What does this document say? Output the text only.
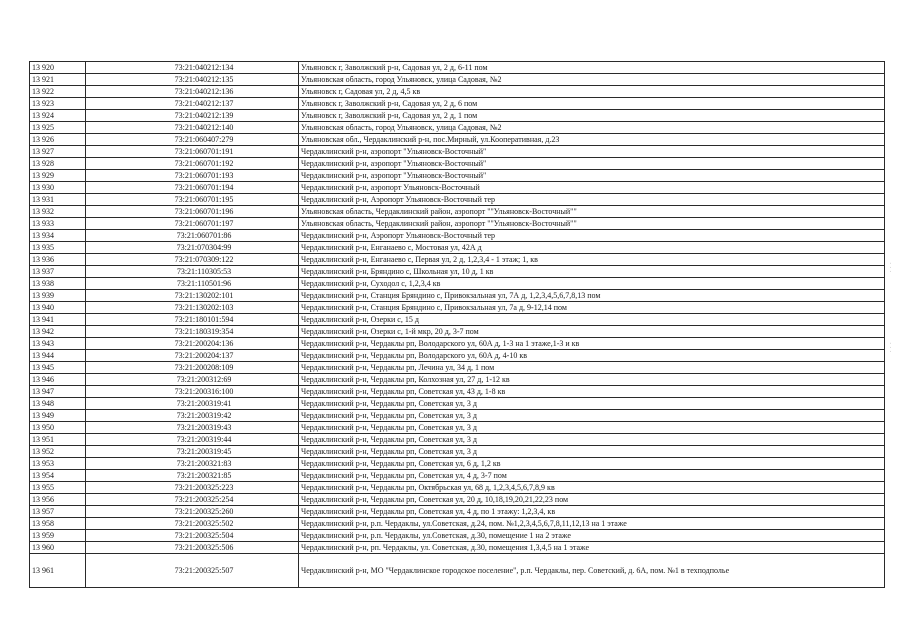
13 920	73:21:040212:134	Ульяновск г, Заволжский р-н, Садовая ул, 2 д, 6-11 пом
13 921	73:21:040212:135	Ульяновская область, город Ульяновск, улица Садовая, №2
13 922	73:21:040212:136	Ульяновск г, Садовая ул, 2 д, 4,5 кв
13 923	73:21:040212:137	Ульяновск г, Заволжский р-н, Садовая ул, 2 д, 6 пом
13 924	73:21:040212:139	Ульяновск г, Заволжский р-н, Садовая ул, 2 д, 1 пом
13 925	73:21:040212:140	Ульяновская область, город Ульяновск, улица Садовая, №2
13 926	73:21:060407:279	Ульяновская обл., Чердаклинский р-н, пос.Мирный, ул.Кооперативная, д.23
13 927	73:21:060701:191	Чердаклинский р-н, аэропорт "Ульяновск-Восточный"
13 928	73:21:060701:192	Чердаклинский р-н, аэропорт "Ульяновск-Восточный"
13 929	73:21:060701:193	Чердаклинский р-н, аэропорт "Ульяновск-Восточный"
13 930	73:21:060701:194	Чердаклинский р-н, аэропорт Ульяновск-Восточный
13 931	73:21:060701:195	Чердаклинский р-н, Аэропорт Ульяновск-Восточный тер
13 932	73:21:060701:196	Ульяновская область, Чердаклинский район, аэропорт ""Ульяновск-Восточный""
13 933	73:21:060701:197	Ульяновская область, Чердаклинский район, аэропорт ""Ульяновск-Восточный""
13 934	73:21:060701:86	Чердаклинский р-н, Аэропорт Ульяновск-Восточный тер
13 935	73:21:070304:99	Чердаклинский р-н, Енганаево с, Мостовая ул, 42А д
13 936	73:21:070309:122	Чердаклинский р-н, Енганаево с, Первая ул, 2 д, 1,2,3,4 - 1 этаж; 1, кв
13 937	73:21:110305:53	Чердаклинский р-н, Бряндино с, Школьная ул, 10 д, 1 кв
13 938	73:21:110501:96	Чердаклинский р-н, Суходол с, 1,2,3,4 кв
13 939	73:21:130202:101	Чердаклинский р-н, Станция Бряндино с, Привокзальная ул, 7А д, 1,2,3,4,5,6,7,8,13 пом
13 940	73:21:130202:103	Чердаклинский р-н, Станция Бряндино с, Привокзальная ул, 7а д, 9-12,14 пом
13 941	73:21:180101:594	Чердаклинский р-н, Озерки с, 15 д
13 942	73:21:180319:354	Чердаклинский р-н, Озерки с, 1-й мкр, 20 д, 3-7 пом
13 943	73:21:200204:136	Чердаклинский р-н, Чердаклы рп, Володарского ул, 60А д, 1-3 на 1 этаже,1-3 и кв
13 944	73:21:200204:137	Чердаклинский р-н, Чердаклы рп, Володарского ул, 60А д, 4-10 кв
13 945	73:21:200208:109	Чердаклинский р-н, Чердаклы рп, Лечина ул, 34 д, 1 пом
13 946	73:21:200312:69	Чердаклинский р-н, Чердаклы рп, Колхозная ул, 27 д, 1-12 кв
13 947	73:21:200316:100	Чердаклинский р-н, Чердаклы рп, Советская ул, 43 д, 1-8 кв
13 948	73:21:200319:41	Чердаклинский р-н, Чердаклы рп, Советская ул, 3 д
13 949	73:21:200319:42	Чердаклинский р-н, Чердаклы рп, Советская ул, 3 д
13 950	73:21:200319:43	Чердаклинский р-н, Чердаклы рп, Советская ул, 3 д
13 951	73:21:200319:44	Чердаклинский р-н, Чердаклы рп, Советская ул, 3 д
13 952	73:21:200319:45	Чердаклинский р-н, Чердаклы рп, Советская ул, 3 д
13 953	73:21:200321:83	Чердаклинский р-н, Чердаклы рп, Советская ул, 6 д, 1,2 кв
13 954	73:21:200321:85	Чердаклинский р-н, Чердаклы рп, Советская ул, 4 д, 3-7 пом
13 955	73:21:200325:223	Чердаклинский р-н, Чердаклы рп, Октябрьская ул, 68 д, 1,2,3,4,5,6,7,8,9 кв
13 956	73:21:200325:254	Чердаклинский р-н, Чердаклы рп, Советская ул, 20 д, 10,18,19,20,21,22,23 пом
13 957	73:21:200325:260	Чердаклинский р-н, Чердаклы рп, Советская ул, 4 д, по 1 этажу: 1,2,3,4, кв
13 958	73:21:200325:502	Чердаклинский р-н, р.п. Чердаклы, ул.Советская, д.24, пом. №1,2,3,4,5,6,7,8,11,12,13 на 1 этаже
13 959	73:21:200325:504	Чердаклинский р-н, р.п. Чердаклы, ул.Советская, д.30, помещение 1 на 2 этаже
13 960	73:21:200325:506	Чердаклинский р-н, рп. Чердаклы, ул. Советская, д.30, помещения 1,3,4,5 на 1 этаже
13 961	73:21:200325:507	Чердаклинский р-н, МО "Чердаклинское городское поселение", р.п. Чердаклы, пер. Советский, д. 6А, пом. №1 в техподполье
· · ·
· · ·
